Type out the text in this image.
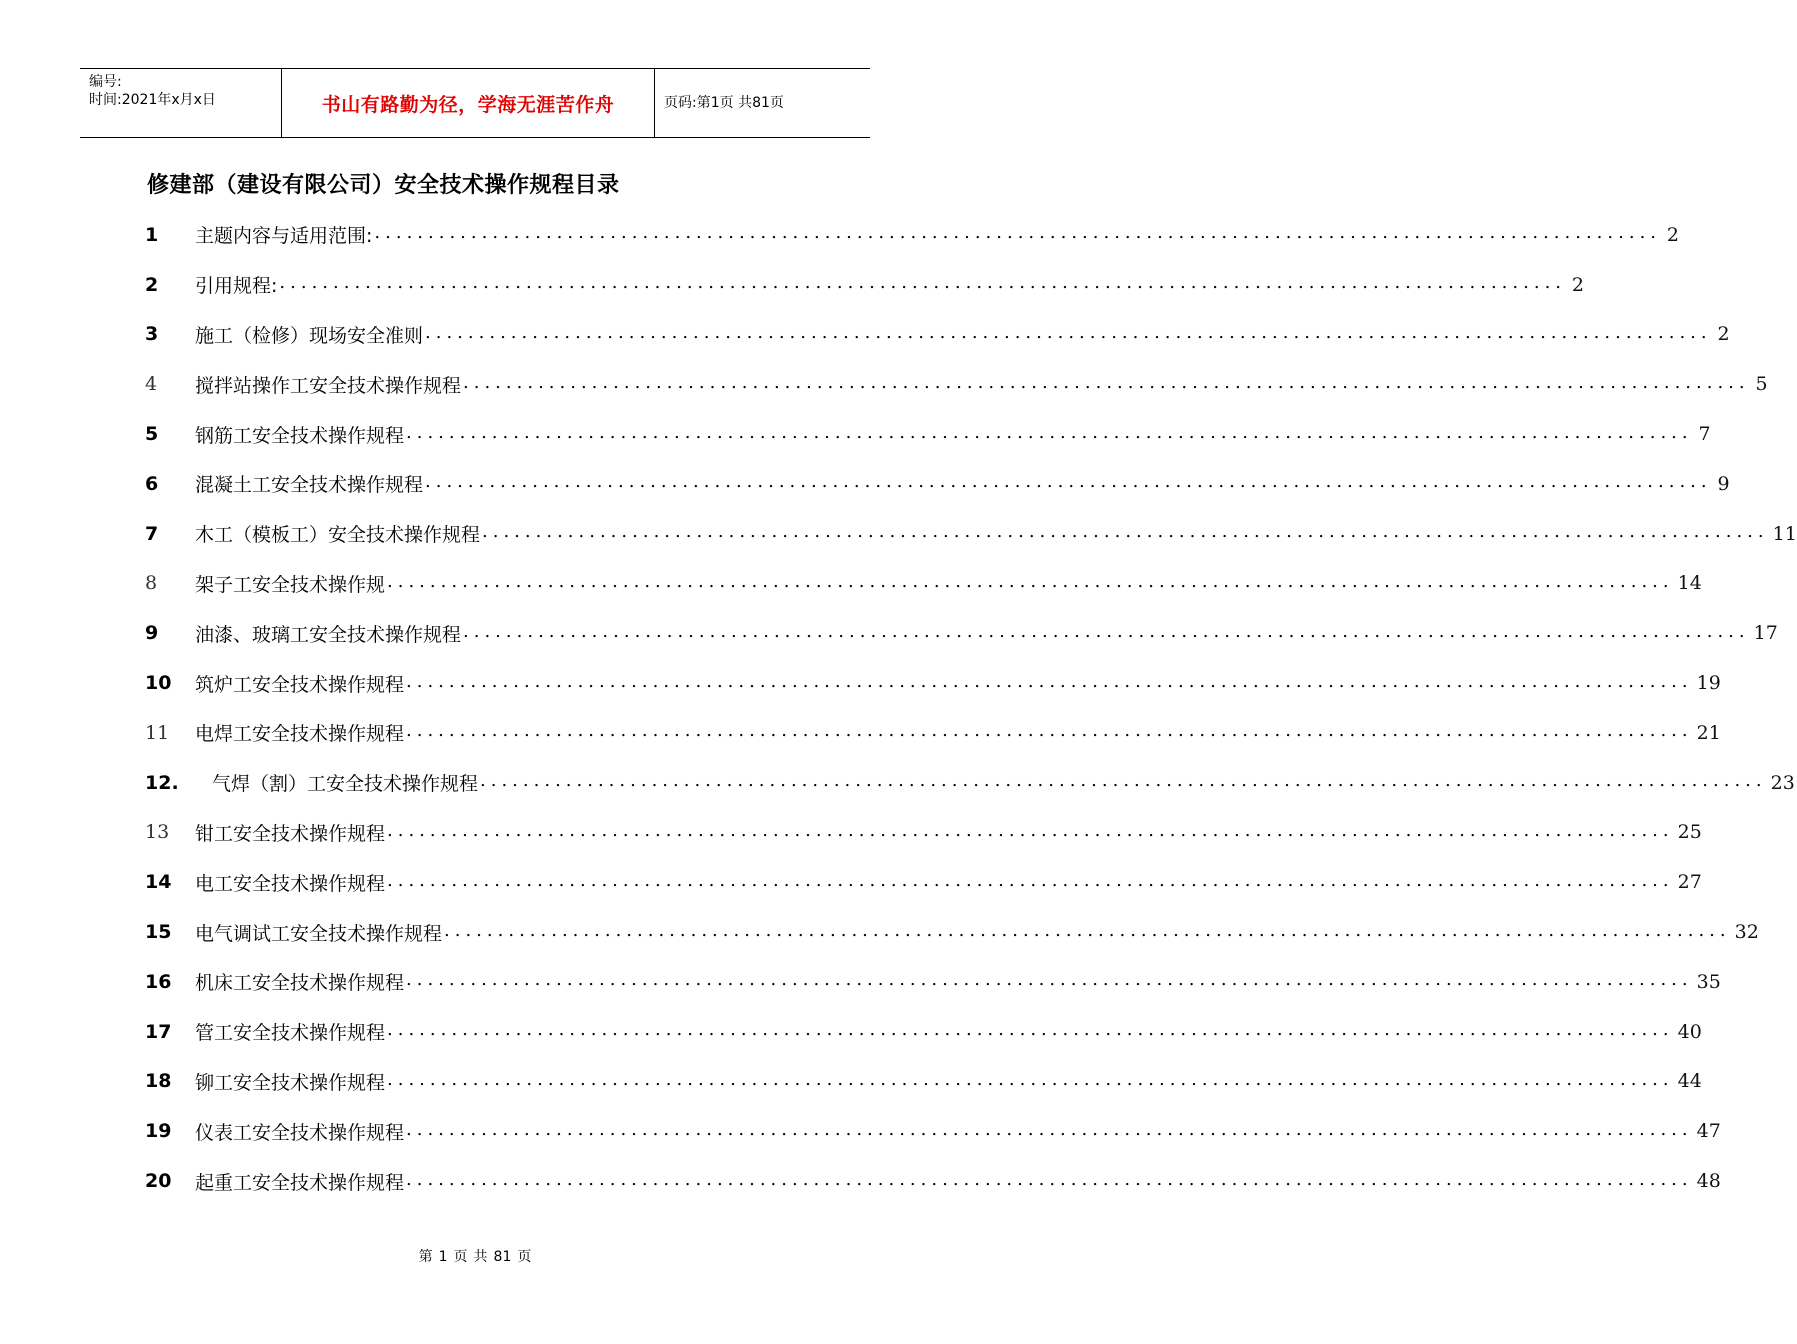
编号:
时间:2021年x月x日	书山有路勤为径，学海无涯苦作舟	页码:第1页 共81页
修建部（建设有限公司）安全技术操作规程目录
1	主题内容与适用范围: ........................................................................................................................ 2
2	引用规程: ........................................................................................................................ 2
3	施工（检修）现场安全准则 ........................................................................................................................ 2
4	搅拌站操作工安全技术操作规程 ........................................................................................................................ 5
5	钢筋工安全技术操作规程 ........................................................................................................................ 7
6	混凝土工安全技术操作规程 ........................................................................................................................ 9
7	木工（模板工）安全技术操作规程 ........................................................................................................................ 11
8	架子工安全技术操作规 ........................................................................................................................ 14
9	油漆、玻璃工安全技术操作规程 ........................................................................................................................ 17
10	筑炉工安全技术操作规程 ........................................................................................................................ 19
11	电焊工安全技术操作规程 ........................................................................................................................ 21
12.	气焊（割）工安全技术操作规程 ........................................................................................................................ 23
13	钳工安全技术操作规程 ........................................................................................................................ 25
14	电工安全技术操作规程 ........................................................................................................................ 27
15	电气调试工安全技术操作规程 ........................................................................................................................ 32
16	机床工安全技术操作规程 ........................................................................................................................ 35
17	管工安全技术操作规程 ........................................................................................................................ 40
18	铆工安全技术操作规程 ........................................................................................................................ 44
19	仪表工安全技术操作规程 ........................................................................................................................ 47
20	起重工安全技术操作规程 ........................................................................................................................ 48
第 1 页 共 81 页
